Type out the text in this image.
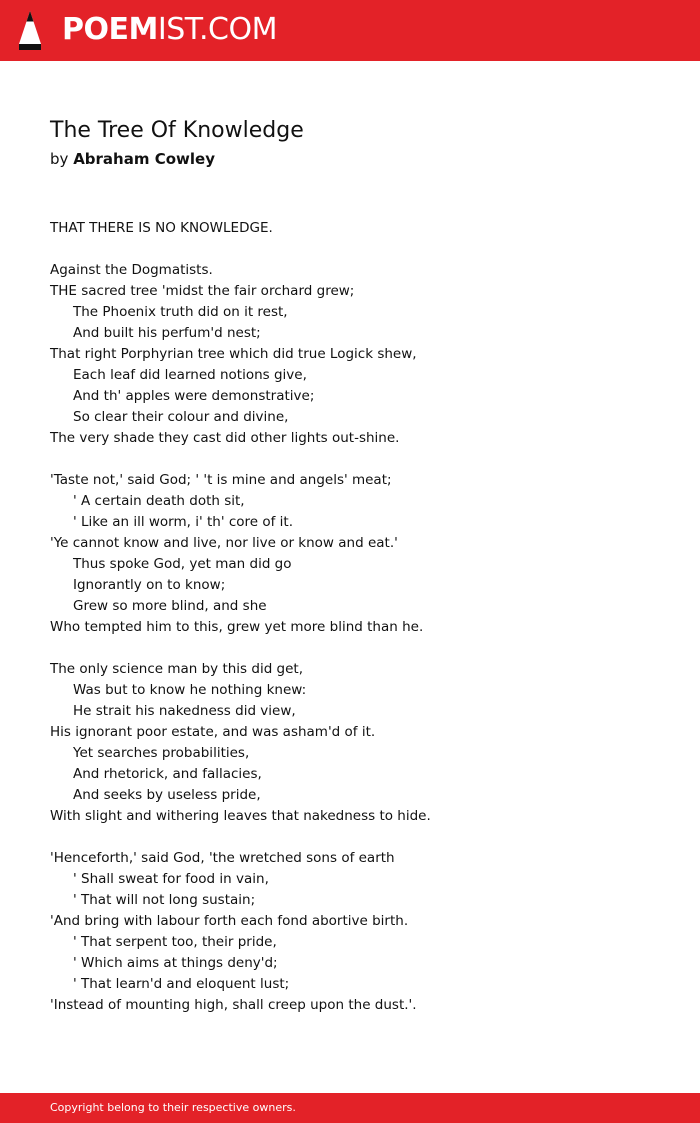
POEMIST.COM
The Tree Of Knowledge
by Abraham Cowley
THAT THERE IS NO KNOWLEDGE.
Against the Dogmatists.
THE sacred tree 'midst the fair orchard grew;
The Phoenix truth did on it rest,
And built his perfum'd nest;
That right Porphyrian tree which did true Logick shew,
Each leaf did learned notions give,
And th' apples were demonstrative;
So clear their colour and divine,
The very shade they cast did other lights out-shine.
'Taste not,' said God; ' 't is mine and angels' meat;
' A certain death doth sit,
' Like an ill worm, i' th' core of it.
'Ye cannot know and live, nor live or know and eat.'
Thus spoke God, yet man did go
Ignorantly on to know;
Grew so more blind, and she
Who tempted him to this, grew yet more blind than he.
The only science man by this did get,
Was but to know he nothing knew:
He strait his nakedness did view,
His ignorant poor estate, and was asham'd of it.
Yet searches probabilities,
And rhetorick, and fallacies,
And seeks by useless pride,
With slight and withering leaves that nakedness to hide.
'Henceforth,' said God, 'the wretched sons of earth
' Shall sweat for food in vain,
' That will not long sustain;
'And bring with labour forth each fond abortive birth.
' That serpent too, their pride,
' Which aims at things deny'd;
' That learn'd and eloquent lust;
'Instead of mounting high, shall creep upon the dust.'.
Copyright belong to their respective owners.
